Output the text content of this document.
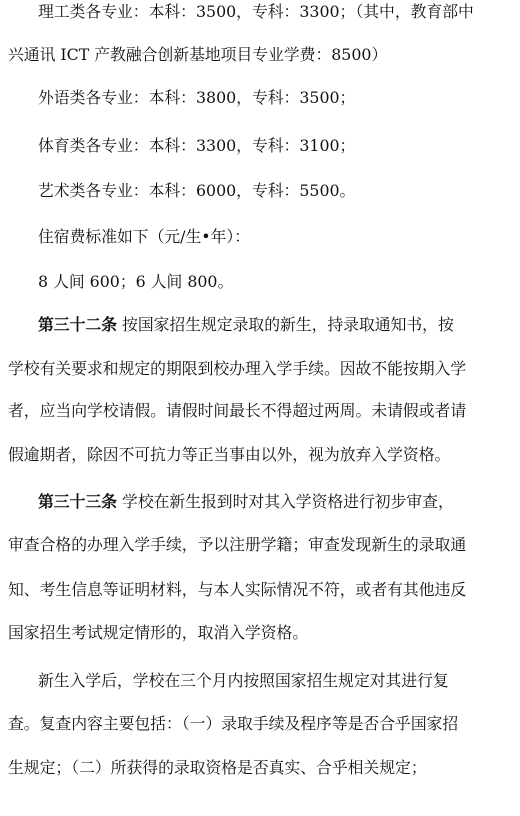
理工类各专业：本科：3500，专科：3300；（其中，教育部中
兴通讯 ICT 产教融合创新基地项目专业学费：8500）
外语类各专业：本科：3800，专科：3500；
体育类各专业：本科：3300，专科：3100；
艺术类各专业：本科：6000，专科：5500。
住宿费标准如下（元/生•年）：
8 人间 600；6 人间 800。
第三十二条 按国家招生规定录取的新生，持录取通知书，按
学校有关要求和规定的期限到校办理入学手续。因故不能按期入学
者，应当向学校请假。请假时间最长不得超过两周。未请假或者请
假逾期者，除因不可抗力等正当事由以外，视为放弃入学资格。
第三十三条 学校在新生报到时对其入学资格进行初步审查，
审查合格的办理入学手续，予以注册学籍；审查发现新生的录取通
知、考生信息等证明材料，与本人实际情况不符，或者有其他违反
国家招生考试规定情形的，取消入学资格。
新生入学后，学校在三个月内按照国家招生规定对其进行复
查。复查内容主要包括：（一）录取手续及程序等是否合乎国家招
生规定；（二）所获得的录取资格是否真实、合乎相关规定；
